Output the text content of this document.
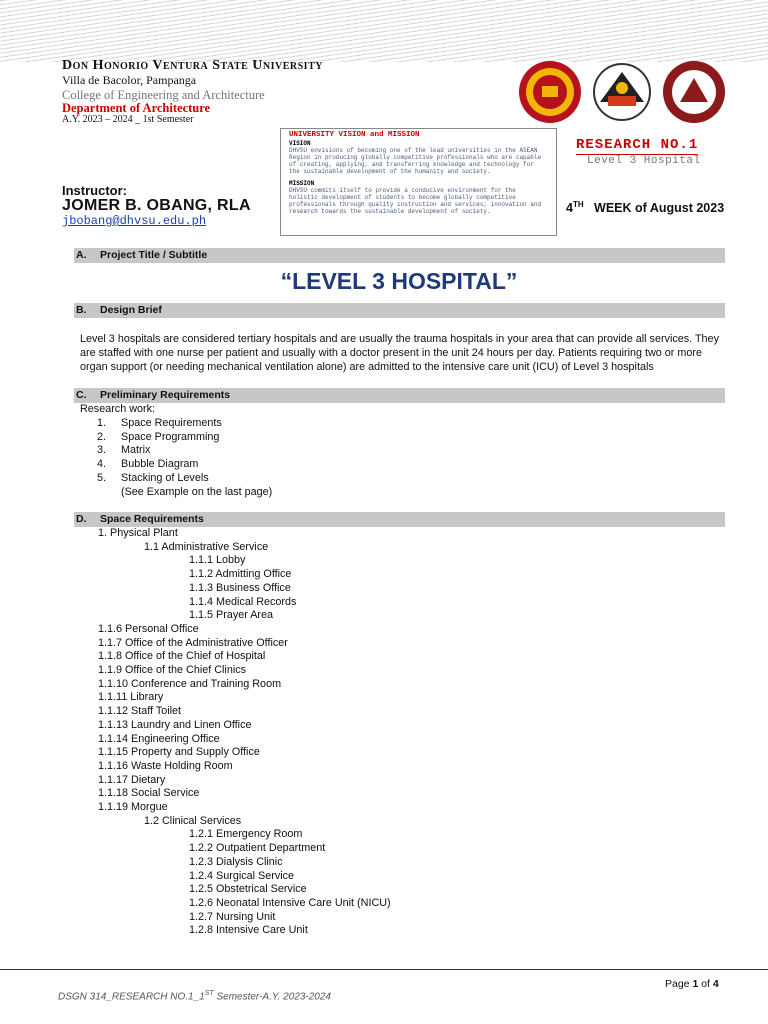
Don Honorio Ventura State University
Villa de Bacolor, Pampanga
College of Engineering and Architecture
Department of Architecture
A.Y. 2023 – 2024 _ 1st Semester
Instructor:
JOMER B. OBANG, RLA
jbobang@dhvsu.edu.ph
UNIVERSITY VISION and MISSION
VISION
DHVSU envisions of becoming one of the lead universities in the ASEAN Region in producing globally competitive professionals who are capable of creating, applying, and transferring knowledge and technology for the sustainable development of the humanity and society.
MISSION
DHVSU commits itself to provide a conducive environment for the holistic development of students to become globally competitive professionals through quality instruction and services; innovation and research towards the sustainable development of society.
RESEARCH NO.1
Level 3 Hospital
4TH WEEK of August 2023
A. Project Title / Subtitle
“LEVEL 3 HOSPITAL”
B. Design Brief
Level 3 hospitals are considered tertiary hospitals and are usually the trauma hospitals in your area that can provide all services. They are staffed with one nurse per patient and usually with a doctor present in the unit 24 hours per day. Patients requiring two or more organ support (or needing mechanical ventilation alone) are admitted to the intensive care unit (ICU) of Level 3 hospitals
C. Preliminary Requirements
Research work:
1. Space Requirements
2. Space Programming
3. Matrix
4. Bubble Diagram
5. Stacking of Levels
(See Example on the last page)
D. Space Requirements
1. Physical Plant
1.1 Administrative Service
1.1.1 Lobby
1.1.2 Admitting Office
1.1.3 Business Office
1.1.4 Medical Records
1.1.5 Prayer Area
1.1.6 Personal Office
1.1.7 Office of the Administrative Officer
1.1.8 Office of the Chief of Hospital
1.1.9 Office of the Chief Clinics
1.1.10 Conference and Training Room
1.1.11 Library
1.1.12 Staff Toilet
1.1.13 Laundry and Linen Office
1.1.14 Engineering Office
1.1.15 Property and Supply Office
1.1.16 Waste Holding Room
1.1.17 Dietary
1.1.18 Social Service
1.1.19 Morgue
1.2 Clinical Services
1.2.1 Emergency Room
1.2.2 Outpatient Department
1.2.3 Dialysis Clinic
1.2.4 Surgical Service
1.2.5 Obstetrical Service
1.2.6 Neonatal Intensive Care Unit (NICU)
1.2.7 Nursing Unit
1.2.8 Intensive Care Unit
Page 1 of 4
DSGN 314_RESEARCH NO.1_1ST Semester-A.Y. 2023-2024
